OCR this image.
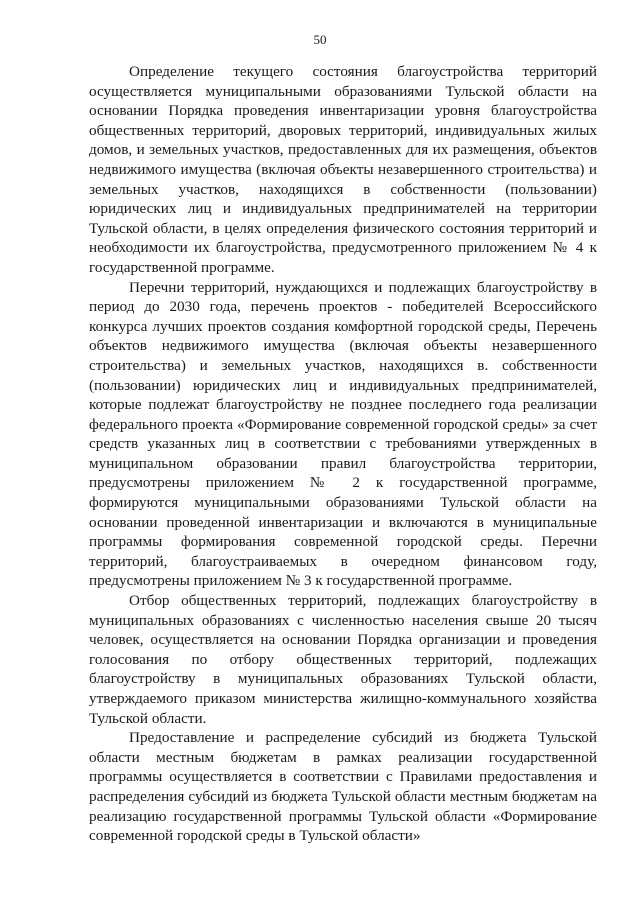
50

Определение текущего состояния благоустройства территорий осуществляется муниципальными образованиями Тульской области на основании Порядка проведения инвентаризации уровня благоустройства общественных территорий, дворовых территорий, индивидуальных жилых домов, и земельных участков, предоставленных для их размещения, объектов недвижимого имущества (включая объекты незавершенного строительства) и земельных участков, находящихся в собственности (пользовании) юридических лиц и индивидуальных предпринимателей на территории Тульской области, в целях определения физического состояния территорий и необходимости их благоустройства, предусмотренного приложением № 4 к государственной программе.

Перечни территорий, нуждающихся и подлежащих благоустройству в период до 2030 года, перечень проектов - победителей Всероссийского конкурса лучших проектов создания комфортной городской среды, Перечень объектов недвижимого имущества (включая объекты незавершенного строительства) и земельных участков, находящихся в. собственности (пользовании) юридических лиц и индивидуальных предпринимателей, которые подлежат благоустройству не позднее последнего года реализации федерального проекта «Формирование современной городской среды» за счет средств указанных лиц в соответствии с требованиями утвержденных в муниципальном образовании правил благоустройства территории, предусмотрены приложением № 2 к государственной программе, формируются муниципальными образованиями Тульской области на основании проведенной инвентаризации и включаются в муниципальные программы формирования современной городской среды. Перечни территорий, благоустраиваемых в очередном финансовом году, предусмотрены приложением № 3 к государственной программе.

Отбор общественных территорий, подлежащих благоустройству в муниципальных образованиях с численностью населения свыше 20 тысяч человек, осуществляется на основании Порядка организации и проведения голосования по отбору общественных территорий, подлежащих благоустройству в муниципальных образованиях Тульской области, утверждаемого приказом министерства жилищно-коммунального хозяйства Тульской области.

Предоставление и распределение субсидий из бюджета Тульской области местным бюджетам в рамках реализации государственной программы осуществляется в соответствии с Правилами предоставления и распределения субсидий из бюджета Тульской области местным бюджетам на реализацию государственной программы Тульской области «Формирование современной городской среды в Тульской области»
